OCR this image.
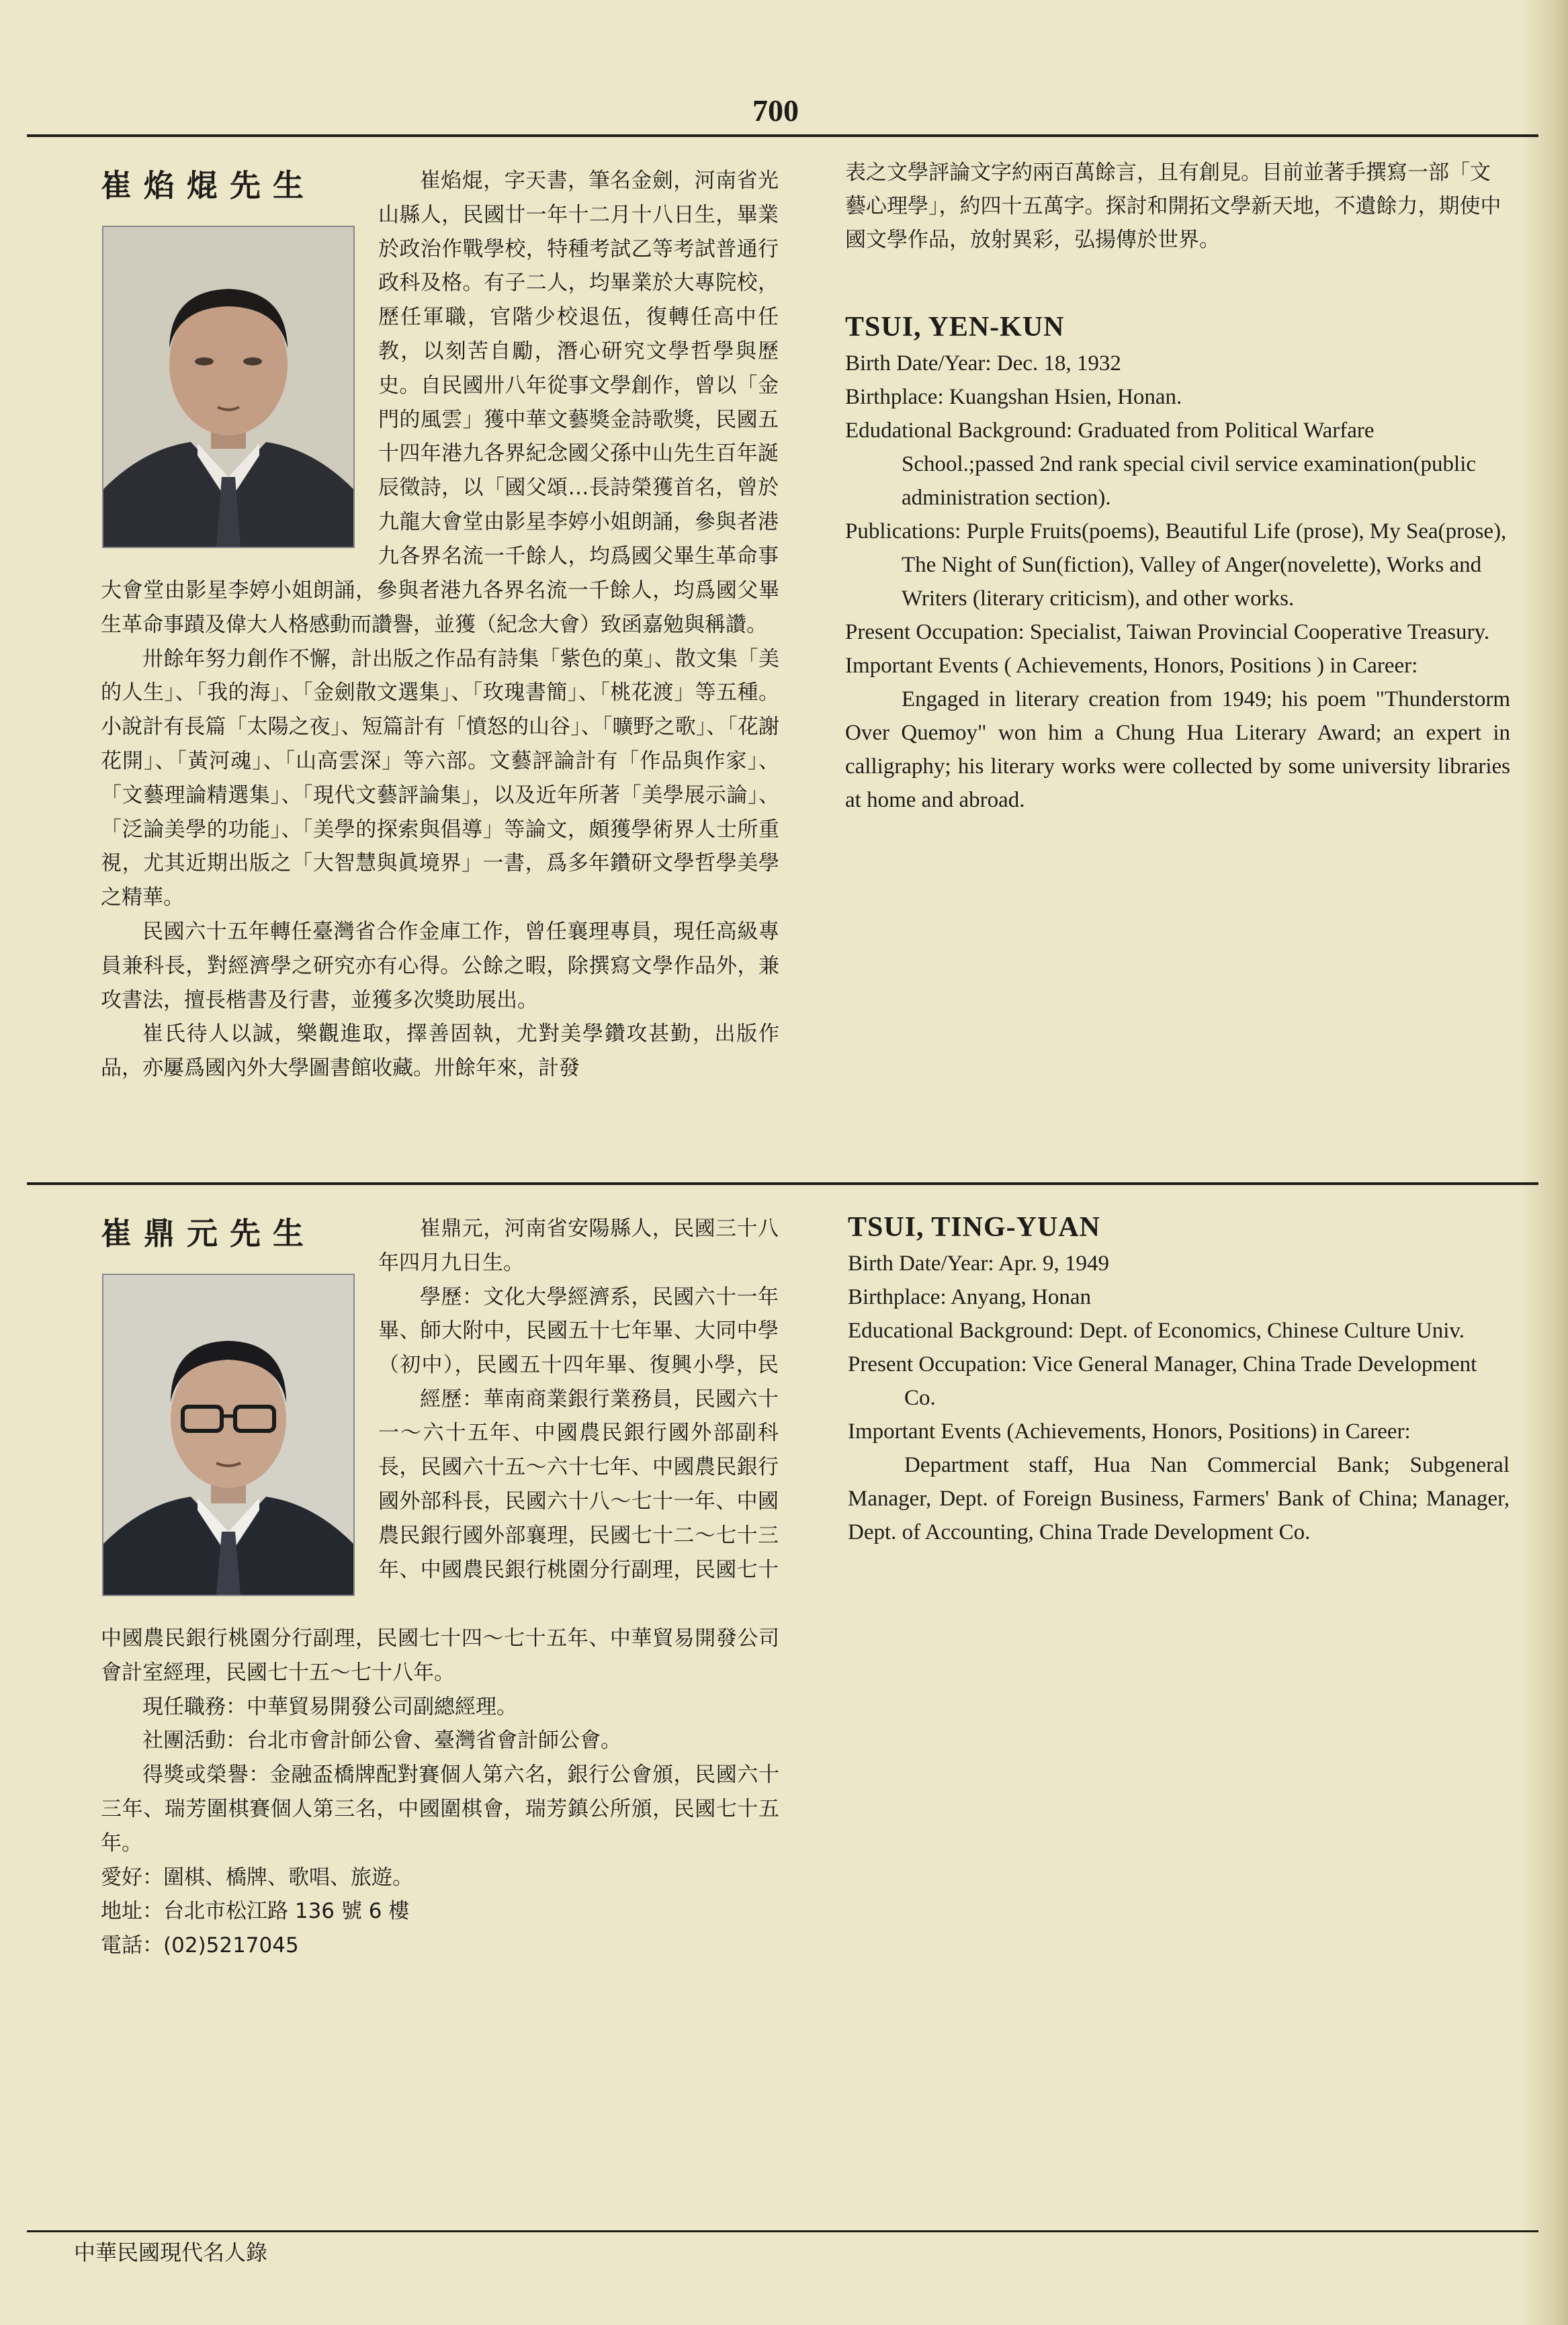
700
崔焰焜先生	崔焰焜，字天書，筆名金劍，河南省光山縣人，民國廿一年十二月十八日生，畢業於政治作戰學校，特種考試乙等考試普通行政科及格。有子二人，均畢業於大專院校，歷任軍職，官階少校退伍，復轉任高中任教，以刻苦自勵，潛心研究文學哲學與歷史。自民國卅八年從事文學創作，曾以「金門的風雲」獲中華文藝獎金詩歌獎，民國五十四年港九各界紀念國父孫中山先生百年誕辰徵詩，以「國父頌…長詩榮獲首名，曾於九龍大會堂由影星李婷小姐朗誦，參與者港九各界名流一千餘人，均爲國父畢生革命事

大會堂由影星李婷小姐朗誦，參與者港九各界名流一千餘人，均爲國父畢生革命事蹟及偉大人格感動而讚譽，並獲（紀念大會）致函嘉勉與稱讚。

卅餘年努力創作不懈，計出版之作品有詩集「紫色的菓」、散文集「美的人生」、「我的海」、「金劍散文選集」、「玫瑰書簡」、「桃花渡」等五種。小說計有長篇「太陽之夜」、短篇計有「憤怒的山谷」、「曠野之歌」、「花謝花開」、「黃河魂」、「山高雲深」等六部。文藝評論計有「作品與作家」、「文藝理論精選集」、「現代文藝評論集」，以及近年所著「美學展示論」、「泛論美學的功能」、「美學的探索與倡導」等論文，頗獲學術界人士所重視，尤其近期出版之「大智慧與眞境界」一書，爲多年鑽研文學哲學美學之精華。

民國六十五年轉任臺灣省合作金庫工作，曾任襄理專員，現任高級專員兼科長，對經濟學之研究亦有心得。公餘之暇，除撰寫文學作品外，兼攻書法，擅長楷書及行書，並獲多次獎助展出。

崔氏待人以誠，樂觀進取，擇善固執，尤對美學鑽攻甚勤，出版作品，亦屢爲國內外大學圖書館收藏。卅餘年來，計發

表之文學評論文字約兩百萬餘言，且有創見。目前並著手撰寫一部「文藝心理學」，約四十五萬字。探討和開拓文學新天地，不遺餘力，期使中國文學作品，放射異彩，弘揚傳於世界。

TSUI, YEN-KUN

Birth Date/Year: Dec. 18, 1932

Birthplace: Kuangshan Hsien, Honan.

Edudational Background: Graduated from Political Warfare School.;passed 2nd rank special civil service examination(public administration section).

Publications: Purple Fruits(poems), Beautiful Life (prose), My Sea(prose), The Night of Sun(fiction), Valley of Anger(novelette), Works and Writers (literary criticism), and other works.

Present Occupation: Specialist, Taiwan Provincial Cooperative Treasury.

Important Events ( Achievements, Honors, Positions ) in Career:

Engaged in literary creation from 1949; his poem "Thunderstorm Over Quemoy" won him a Chung Hua Literary Award; an expert in calligraphy; his literary works were collected by some university libraries at home and abroad.

崔鼎元先生	崔鼎元，河南省安陽縣人，民國三十八年四月九日生。

學歷：文化大學經濟系，民國六十一年畢、師大附中，民國五十七年畢、大同中學（初中），民國五十四年畢、復興小學，民

經歷：華南商業銀行業務員，民國六十一～六十五年、中國農民銀行國外部副科長，民國六十五～六十七年、中國農民銀行國外部科長，民國六十八～七十一年、中國農民銀行國外部襄理，民國七十二～七十三年、中國農民銀行桃園分行副理，民國七十

中國農民銀行桃園分行副理，民國七十四～七十五年、中華貿易開發公司會計室經理，民國七十五～七十八年。

現任職務：中華貿易開發公司副總經理。

社團活動：台北市會計師公會、臺灣省會計師公會。

得獎或榮譽：金融盃橋牌配對賽個人第六名，銀行公會頒，民國六十三年、瑞芳圍棋賽個人第三名，中國圍棋會，瑞芳鎮公所頒，民國七十五年。

愛好：圍棋、橋牌、歌唱、旅遊。

地址：台北市松江路 136 號 6 樓

電話：(02)5217045

TSUI, TING-YUAN

Birth Date/Year: Apr. 9, 1949

Birthplace: Anyang, Honan

Educational Background: Dept. of Economics, Chinese Culture Univ.

Present Occupation: Vice General Manager, China Trade Development Co.

Important Events (Achievements, Honors, Positions) in Career:

Department staff, Hua Nan Commercial Bank; Subgeneral Manager, Dept. of Foreign Business, Farmers' Bank of China; Manager, Dept. of Accounting, China Trade Development Co.

中華民國現代名人錄
